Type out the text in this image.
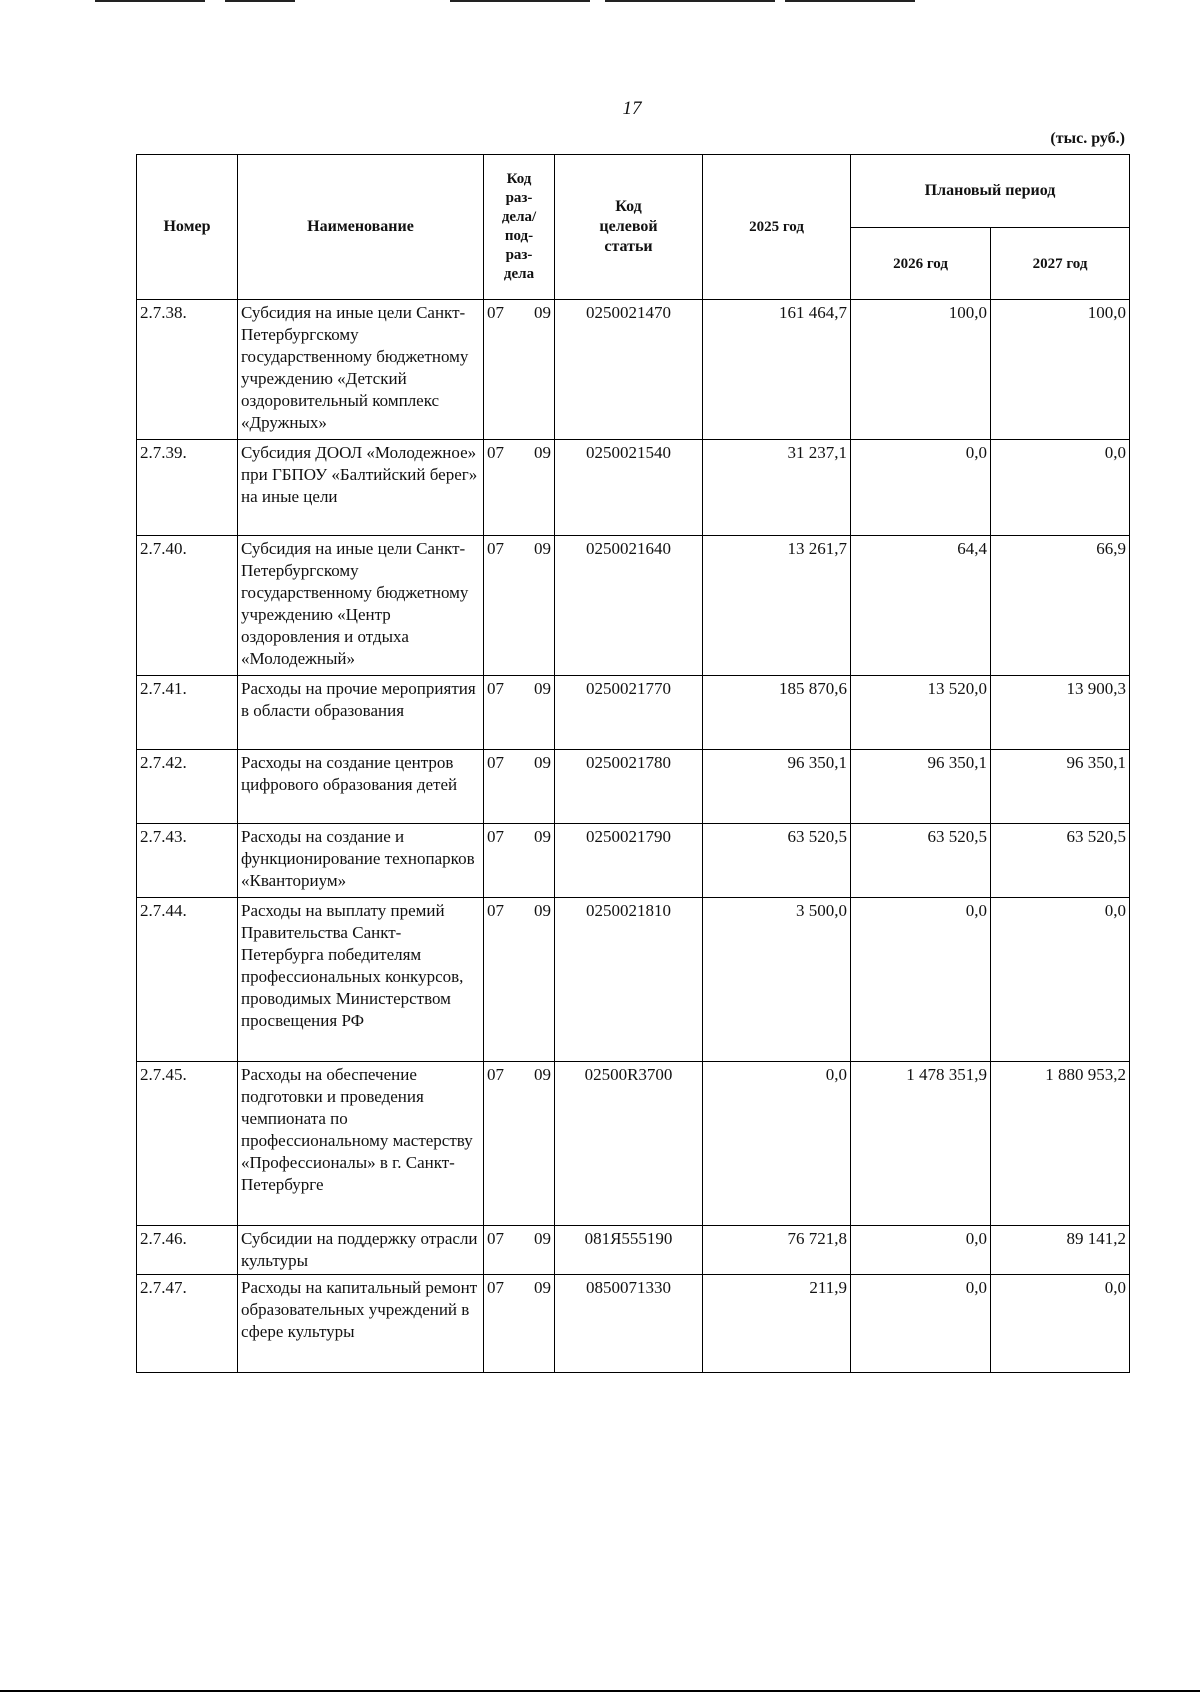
17
(тыс. руб.)
Номер	Наименование	Код раз- дела/ под- раз- дела	Код целевой статьи	2025 год	Плановый период	
					2026 год	2027 год
2.7.38.	Субсидия на иные цели Санкт-Петербургскому государственному бюджетному учреждению «Детский оздоровительный комплекс «Дружных»	07 09	0250021470	161 464,7	100,0	100,0
2.7.39.	Субсидия ДООЛ «Молодежное» при ГБПОУ «Балтийский берег» на иные цели	07 09	0250021540	31 237,1	0,0	0,0
2.7.40.	Субсидия на иные цели Санкт-Петербургскому государственному бюджетному учреждению «Центр оздоровления и отдыха «Молодежный»	07 09	0250021640	13 261,7	64,4	66,9
2.7.41.	Расходы на прочие мероприятия в области образования	07 09	0250021770	185 870,6	13 520,0	13 900,3
2.7.42.	Расходы на создание центров цифрового образования детей	07 09	0250021780	96 350,1	96 350,1	96 350,1
2.7.43.	Расходы на создание и функционирование технопарков «Кванториум»	07 09	0250021790	63 520,5	63 520,5	63 520,5
2.7.44.	Расходы на выплату премий Правительства Санкт-Петербурга победителям профессиональных конкурсов, проводимых Министерством просвещения РФ	07 09	0250021810	3 500,0	0,0	0,0
2.7.45.	Расходы на обеспечение подготовки и проведения чемпионата по профессиональному мастерству «Профессионалы» в г. Санкт-Петербурге	07 09	02500R3700	0,0	1 478 351,9	1 880 953,2
2.7.46.	Субсидии на поддержку отрасли культуры	07 09	081Я555190	76 721,8	0,0	89 141,2
2.7.47.	Расходы на капитальный ремонт образовательных учреждений в сфере культуры	07 09	0850071330	211,9	0,0	0,0
